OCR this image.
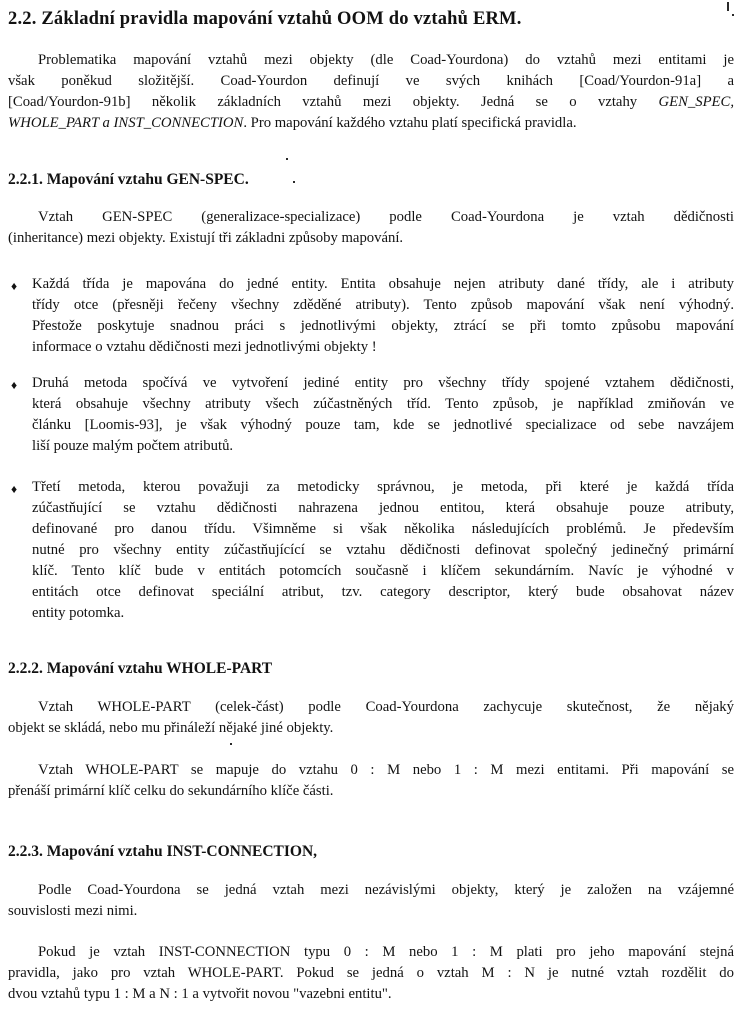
2.2. Základní pravidla mapování vztahů OOM do vztahů ERM.
Problematika mapování vztahů mezi objekty (dle Coad-Yourdona) do vztahů mezi entitami je
však poněkud složitější. Coad-Yourdon definují ve svých knihách [Coad/Yourdon-91a] a
[Coad/Yourdon-91b] několik základních vztahů mezi objekty. Jedná se o vztahy GEN_SPEC,
WHOLE_PART a INST_CONNECTION. Pro mapování každého vztahu platí specifická pravidla.
2.2.1. Mapování vztahu GEN-SPEC.
Vztah GEN-SPEC (generalizace-specializace) podle Coad-Yourdona je vztah dědičnosti
(inheritance) mezi objekty. Existují tři základni způsoby mapování.
♦ Každá třída je mapována do jedné entity. Entita obsahuje nejen atributy dané třídy, ale i atributy
třídy otce (přesněji řečeny všechny zděděné atributy). Tento způsob mapování však není výhodný.
Přestože poskytuje snadnou práci s jednotlivými objekty, ztrácí se při tomto způsobu mapování
informace o vztahu dědičnosti mezi jednotlivými objekty !
♦ Druhá metoda spočívá ve vytvoření jediné entity pro všechny třídy spojené vztahem dědičnosti,
která obsahuje všechny atributy všech zúčastněných tříd. Tento způsob, je například zmiňován ve
článku [Loomis-93], je však výhodný pouze tam, kde se jednotlivé specializace od sebe navzájem
liší pouze malým počtem atributů.
♦ Třetí metoda, kterou považuji za metodicky správnou, je metoda, při které je každá třída
zúčastňující se vztahu dědičnosti nahrazena jednou entitou, která obsahuje pouze atributy,
definované pro danou třídu. Všimněme si však několika následujících problémů. Je především
nutné pro všechny entity zúčastňujícící se vztahu dědičnosti definovat společný jedinečný primární
klíč. Tento klíč bude v entitách potomcích současně i klíčem sekundárním. Navíc je výhodné v
entitách otce definovat speciální atribut, tzv. category descriptor, který bude obsahovat název
entity potomka.
2.2.2. Mapování vztahu WHOLE-PART
Vztah WHOLE-PART (celek-část) podle Coad-Yourdona zachycuje skutečnost, že nějaký
objekt se skládá, nebo mu přináleží nějaké jiné objekty.
Vztah WHOLE-PART se mapuje do vztahu 0 : M nebo 1 : M mezi entitami. Při mapování se
přenáší primární klíč celku do sekundárního klíče části.
2.2.3. Mapování vztahu INST-CONNECTION,
Podle Coad-Yourdona se jedná vztah mezi nezávislými objekty, který je založen na vzájemné
souvislosti mezi nimi.
Pokud je vztah INST-CONNECTION typu 0 : M nebo 1 : M plati pro jeho mapování stejná
pravidla, jako pro vztah WHOLE-PART. Pokud se jedná o vztah M : N je nutné vztah rozdělit do
dvou vztahů typu 1 : M a N : 1 a vytvořit novou "vazebni entitu".
